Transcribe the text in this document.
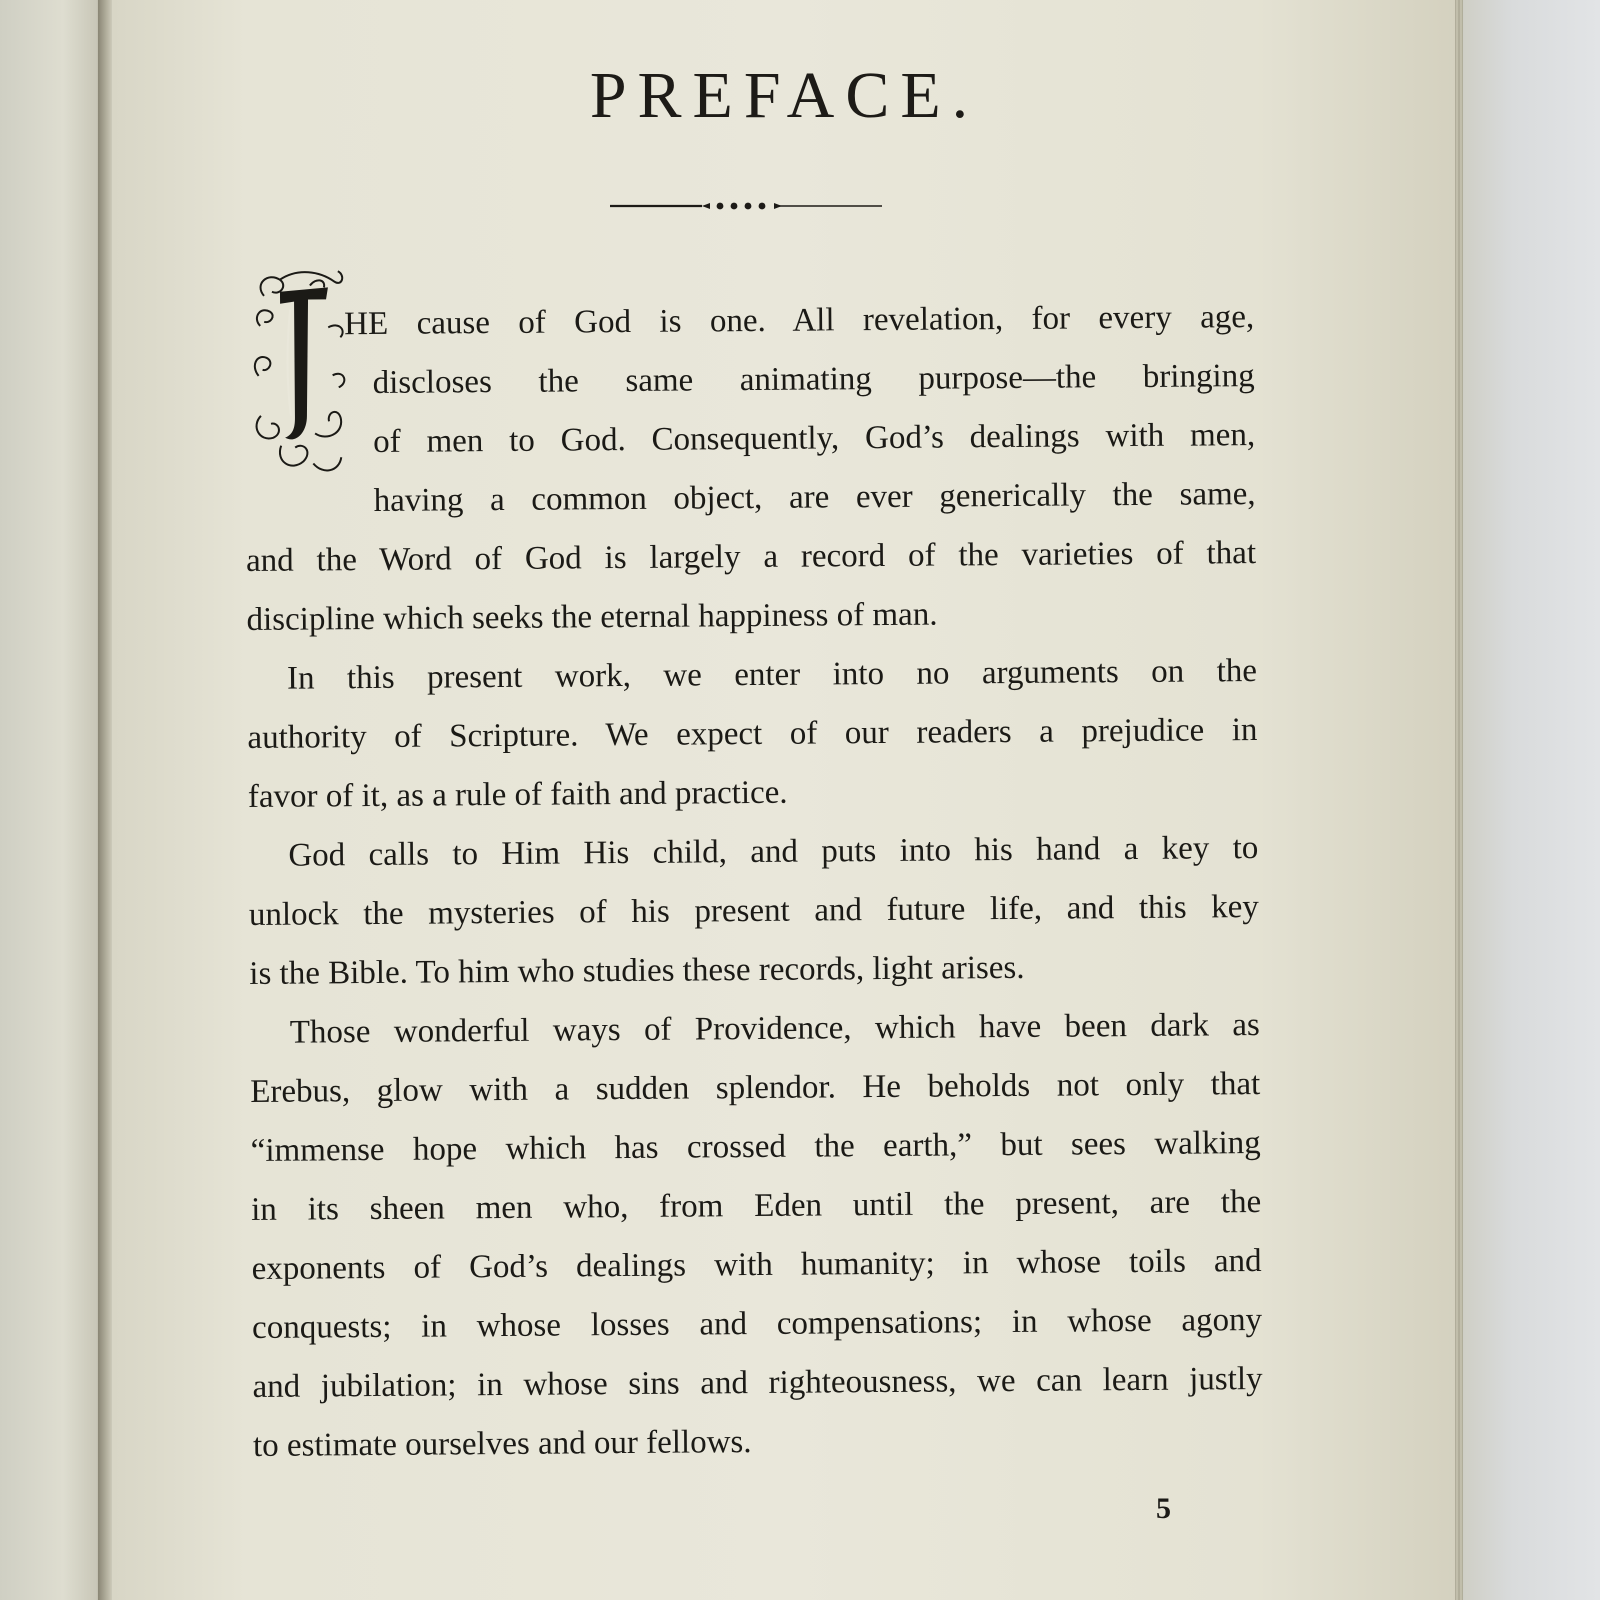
PREFACE.
HE cause of God is one. All revelation, for every age,
discloses the same animating purpose—the bringing
of men to God. Consequently, God’s dealings with men,
having a common object, are ever generically the same,
and the Word of God is largely a record of the varieties of that
discipline which seeks the eternal happiness of man.
In this present work, we enter into no arguments on the
authority of Scripture. We expect of our readers a prejudice in
favor of it, as a rule of faith and practice.
God calls to Him His child, and puts into his hand a key to
unlock the mysteries of his present and future life, and this key
is the Bible. To him who studies these records, light arises.
Those wonderful ways of Providence, which have been dark as
Erebus, glow with a sudden splendor. He beholds not only that
“immense hope which has crossed the earth,” but sees walking
in its sheen men who, from Eden until the present, are the
exponents of God’s dealings with humanity; in whose toils and
conquests; in whose losses and compensations; in whose agony
and jubilation; in whose sins and righteousness, we can learn justly
to estimate ourselves and our fellows.
5
